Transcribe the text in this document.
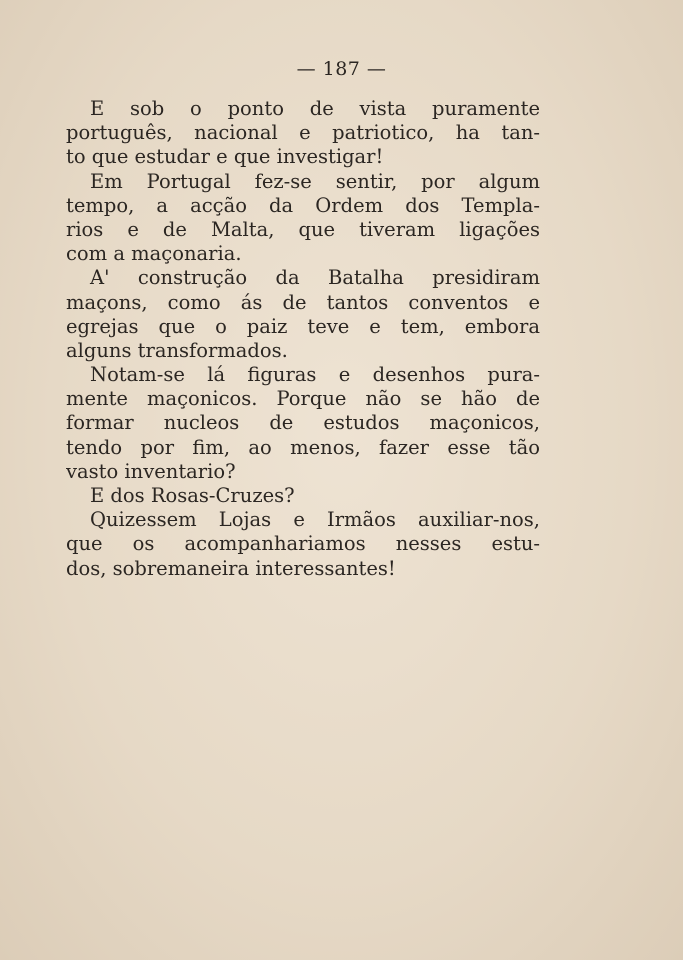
— 187 —
E sob o ponto de vista puramente
português, nacional e patriotico, ha tan-
to que estudar e que investigar!
Em Portugal fez-se sentir, por algum
tempo, a acção da Ordem dos Templa-
rios e de Malta, que tiveram ligações
com a maçonaria.
A' construção da Batalha presidiram
maçons, como ás de tantos conventos e
egrejas que o paiz teve e tem, embora
alguns transformados.
Notam-se lá figuras e desenhos pura-
mente maçonicos. Porque não se hão de
formar nucleos de estudos maçonicos,
tendo por fim, ao menos, fazer esse tão
vasto inventario?
E dos Rosas-Cruzes?
Quizessem Lojas e Irmãos auxiliar-nos,
que os acompanhariamos nesses estu-
dos, sobremaneira interessantes!
